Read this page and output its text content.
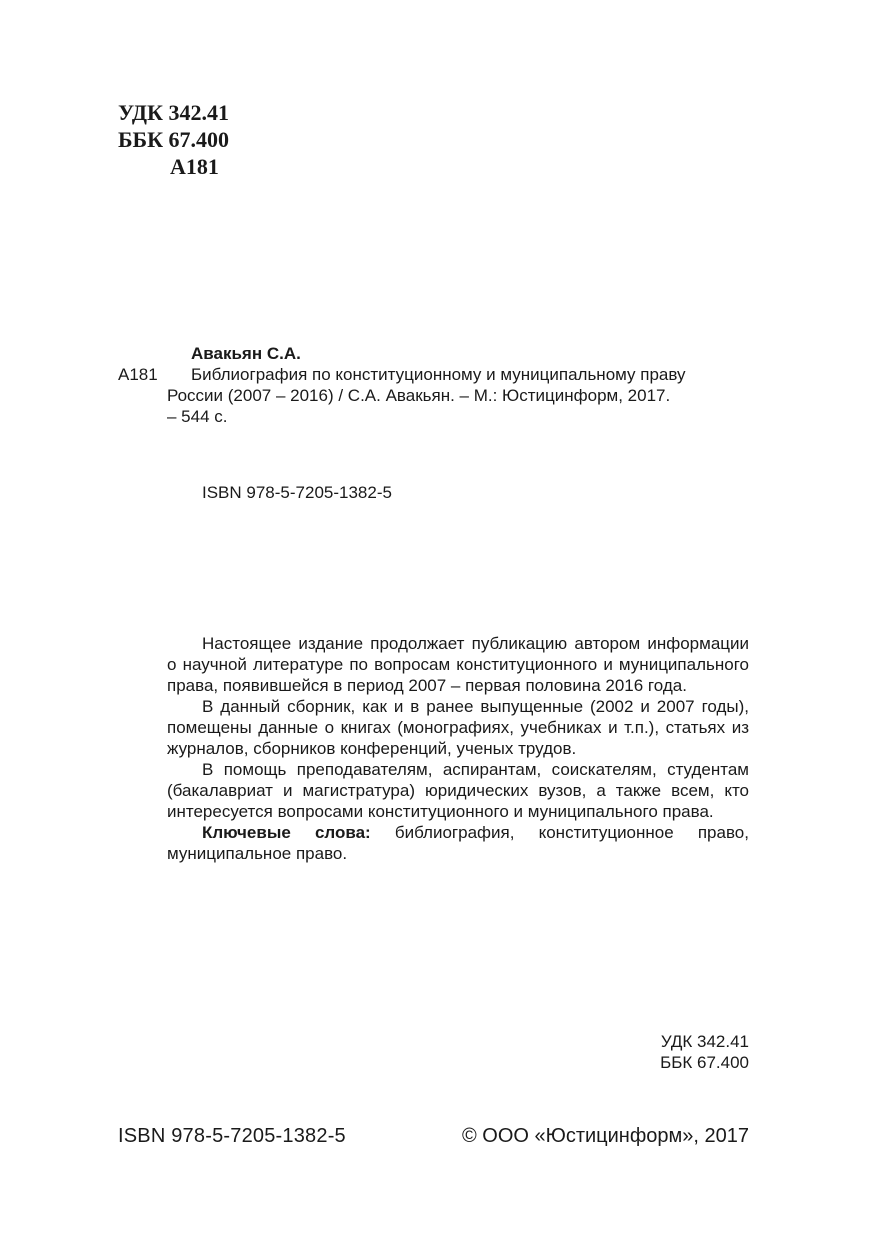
УДК 342.41
ББК 67.400
А181
Авакьян С.А.
А181	Библиография по конституционному и муниципальному праву
России (2007 – 2016) / С.А. Авакьян. – М.: Юстицинформ, 2017.
– 544 с.
ISBN 978-5-7205-1382-5

Настоящее издание продолжает публикацию автором информации о научной литературе по вопросам конституционного и муниципального права, появившейся в период 2007 – первая половина 2016 года.

В данный сборник, как и в ранее выпущенные (2002 и 2007 годы), помещены данные о книгах (монографиях, учебниках и т.п.), статьях из журналов, сборников конференций, ученых трудов.

В помощь преподавателям, аспирантам, соискателям, студентам (бакалавриат и магистратура) юридических вузов, а также всем, кто интересуется вопросами конституционного и муниципального права.

Ключевые слова: библиография, конституционное право, муниципальное право.

УДК 342.41
ББК 67.400
ISBN 978-5-7205-1382-5	© ООО «Юстицинформ», 2017
